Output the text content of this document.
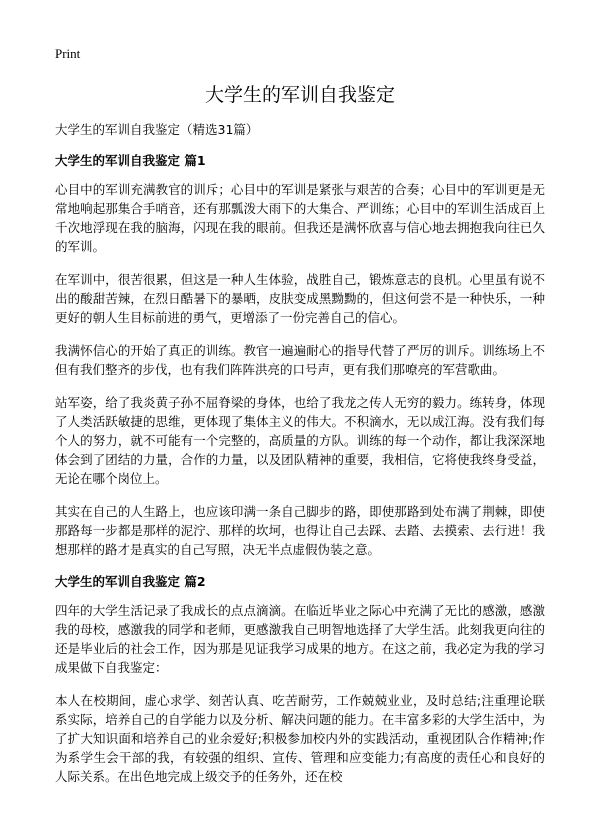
Print
大学生的军训自我鉴定

大学生的军训自我鉴定（精选31篇）

大学生的军训自我鉴定 篇1

心目中的军训充满教官的训斥；心目中的军训是紧张与艰苦的合奏；心目中的军训更是无常地响起那集合手哨音，还有那瓢泼大雨下的大集合、严训练；心目中的军训生活成百上千次地浮现在我的脑海，闪现在我的眼前。但我还是满怀欣喜与信心地去拥抱我向往已久的军训。

在军训中，很苦很累，但这是一种人生体验，战胜自己，锻炼意志的良机。心里虽有说不出的酸甜苦辣，在烈日酷暑下的暴晒，皮肤变成黑黝黝的，但这何尝不是一种快乐，一种更好的朝人生目标前进的勇气，更增添了一份完善自己的信心。

我满怀信心的开始了真正的训练。教官一遍遍耐心的指导代替了严厉的训斥。训练场上不但有我们整齐的步伐，也有我们阵阵洪亮的口号声，更有我们那嘹亮的军营歌曲。

站军姿，给了我炎黄子孙不屈脊梁的身体，也给了我龙之传人无穷的毅力。练转身，体现了人类活跃敏捷的思维，更体现了集体主义的伟大。不积滴水，无以成江海。没有我们每个人的努力，就不可能有一个完整的，高质量的方队。训练的每一个动作，都让我深深地体会到了团结的力量，合作的力量，以及团队精神的重要，我相信，它将使我终身受益，无论在哪个岗位上。

其实在自己的人生路上，也应该印满一条自己脚步的路，即使那路到处布满了荆棘，即使那路每一步都是那样的泥泞、那样的坎坷，也得让自己去踩、去踏、去摸索、去行进！我想那样的路才是真实的自己写照，决无半点虚假伪装之意。

大学生的军训自我鉴定 篇2

四年的大学生活记录了我成长的点点滴滴。在临近毕业之际心中充满了无比的感激，感激我的母校，感激我的同学和老师，更感激我自己明智地选择了大学生活。此刻我更向往的还是毕业后的社会工作，因为那是见证我学习成果的地方。在这之前，我必定为我的学习成果做下自我鉴定：

本人在校期间，虚心求学、刻苦认真、吃苦耐劳，工作兢兢业业，及时总结;注重理论联系实际，培养自己的自学能力以及分析、解决问题的能力。在丰富多彩的大学生活中，为了扩大知识面和培养自己的业余爱好;积极参加校内外的实践活动，重视团队合作精神;作为系学生会干部的我，有较强的组织、宣传、管理和应变能力;有高度的责任心和良好的人际关系。在出色地完成上级交予的任务外，还在校
